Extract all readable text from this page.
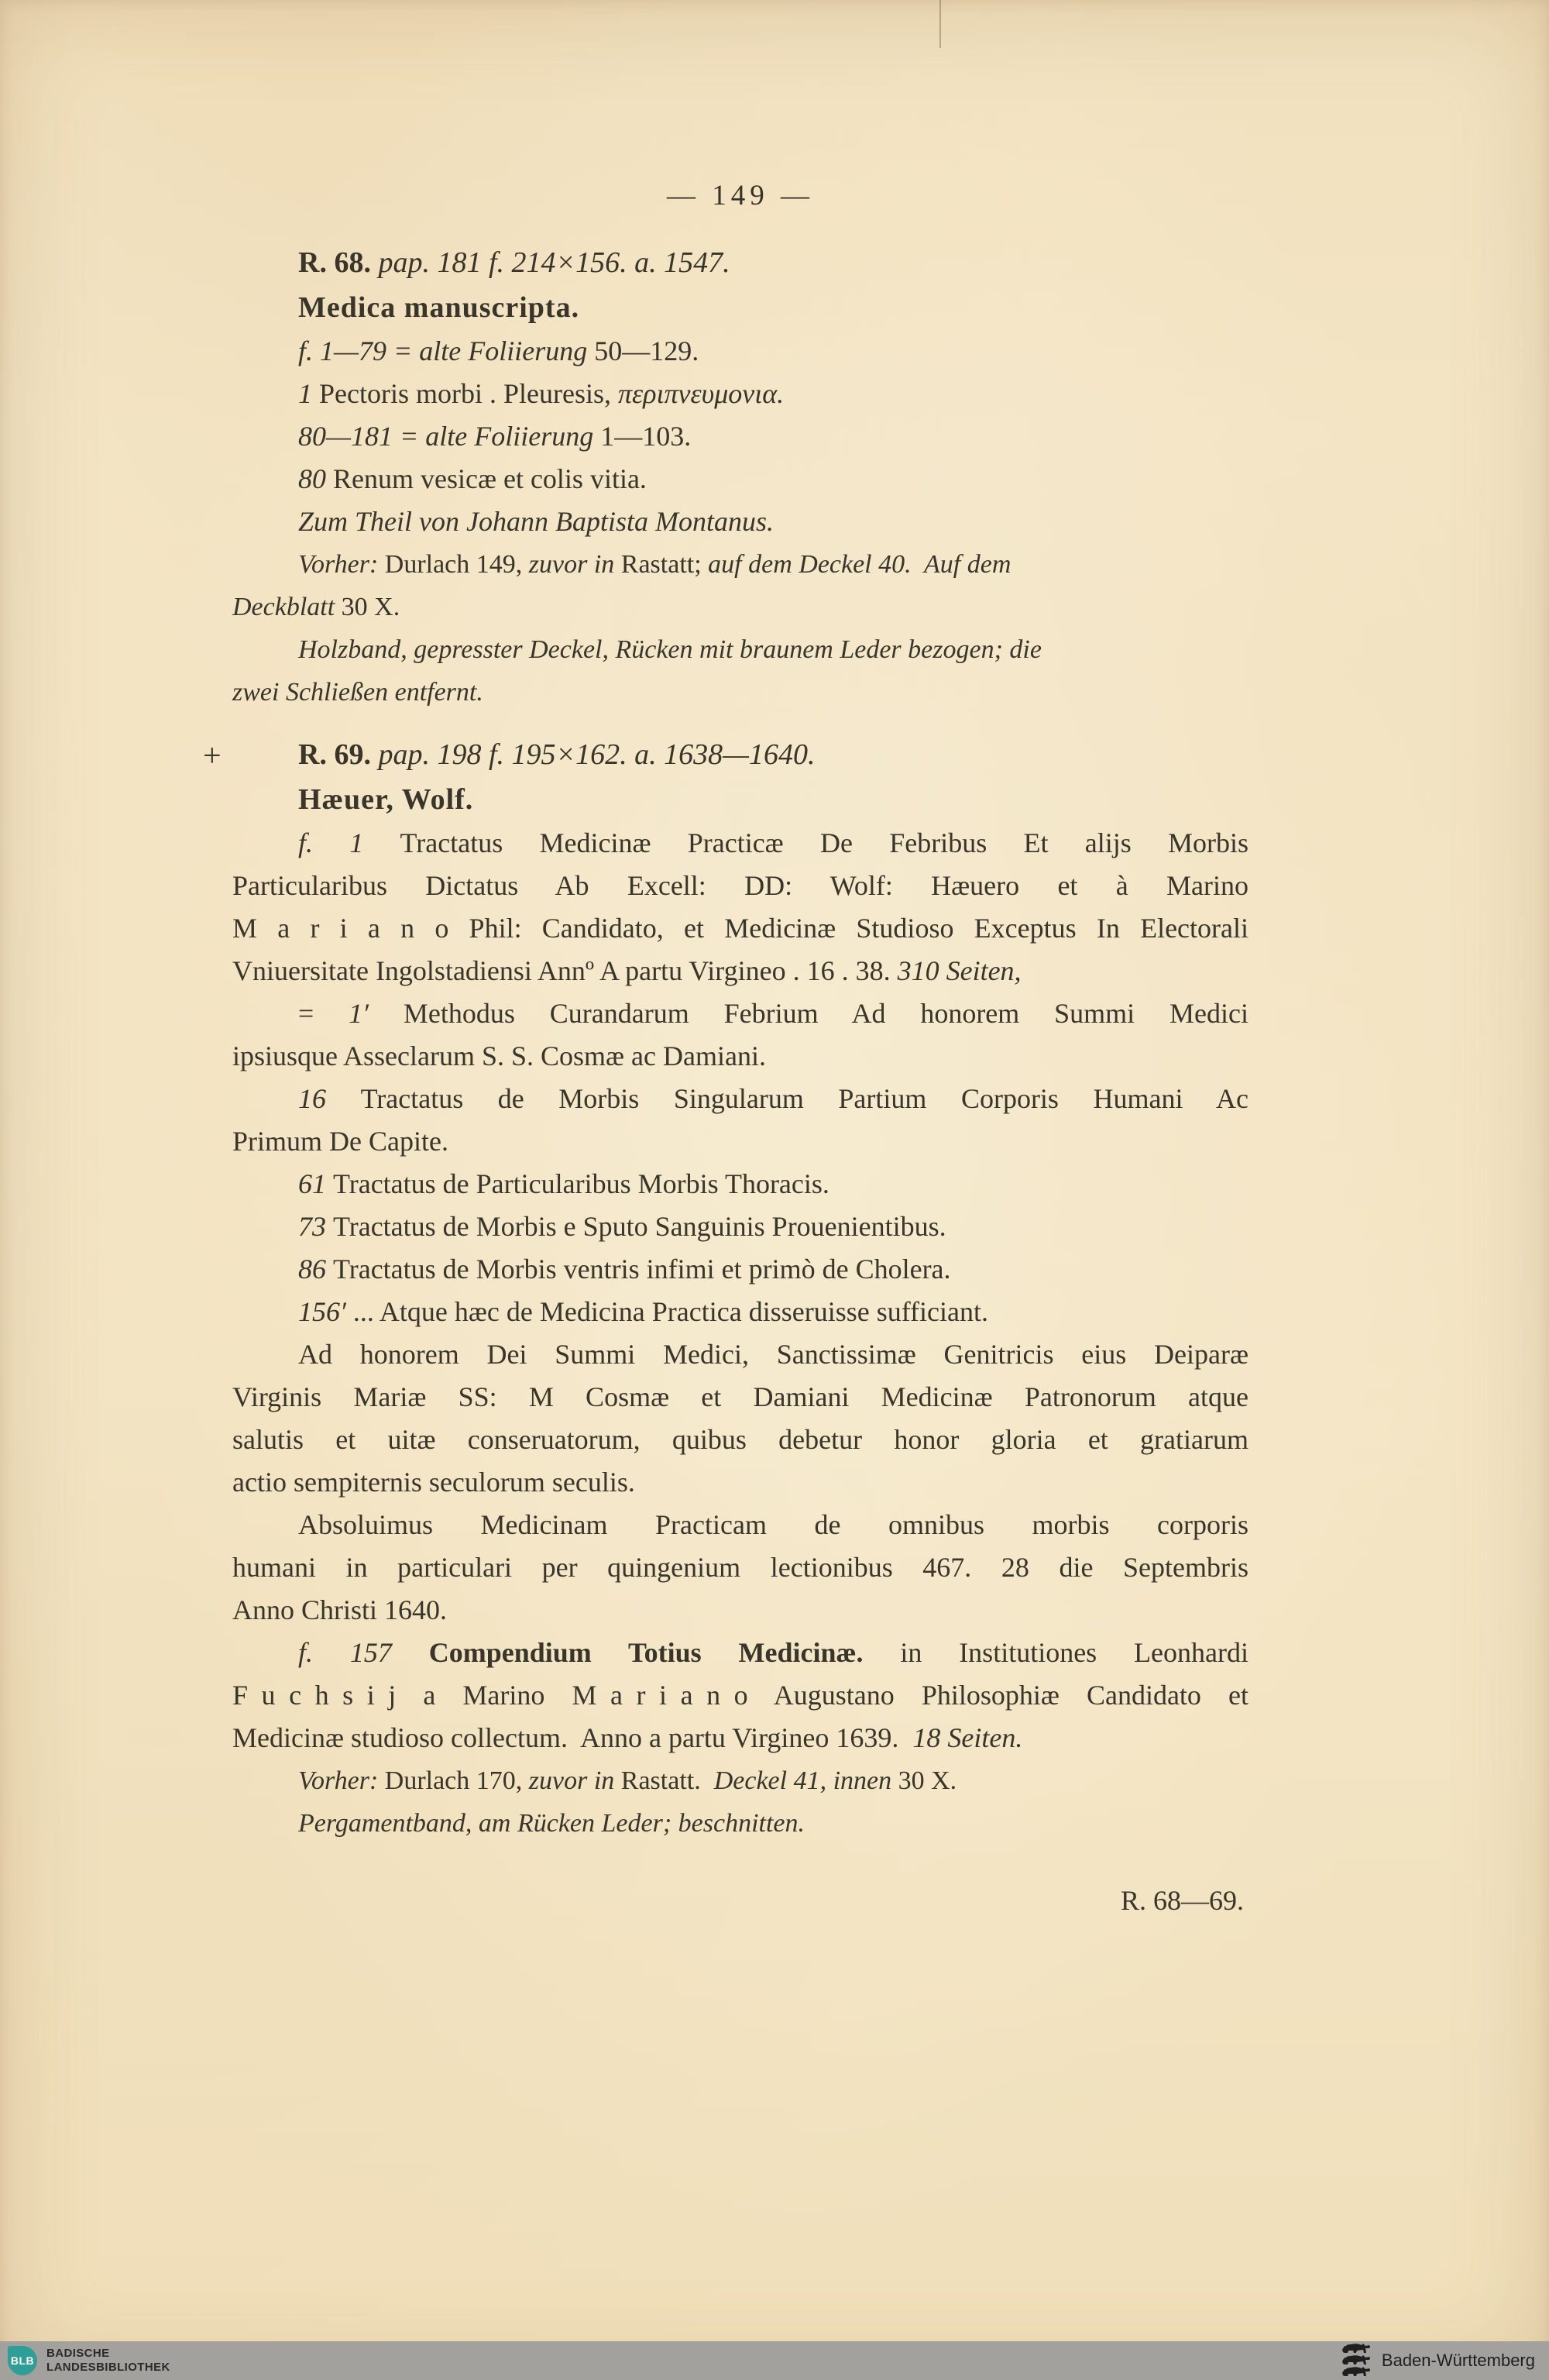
— 149 —
R. 68. pap. 181 f. 214×156. a. 1547.
Medica manuscripta.
f. 1—79 = alte Foliierung 50—129.
1 Pectoris morbi . Pleuresis, περιπνευμονια.
80—181 = alte Foliierung 1—103.
80 Renum vesicæ et colis vitia.
Zum Theil von Johann Baptista Montanus.
Vorher: Durlach 149, zuvor in Rastatt; auf dem Deckel 40.  Auf dem
Deckblatt 30 X.
Holzband, gepresster Deckel, Rücken mit braunem Leder bezogen; die
zwei Schließen entfernt.
+	R. 69. pap. 198 f. 195×162. a. 1638—1640.
Hæuer, Wolf.
f. 1 Tractatus Medicinæ Practicæ De Febribus Et alijs Morbis
Particularibus Dictatus Ab Excell: DD: Wolf: Hæuero et à Marino
M a r i a n o Phil: Candidato, et Medicinæ Studioso Exceptus In Electorali
Vniuersitate Ingolstadiensi Annº A partu Virgineo . 16 . 38. 310 Seiten,
= 1′ Methodus Curandarum Febrium Ad honorem Summi Medici
ipsiusque Asseclarum S. S. Cosmæ ac Damiani.
16 Tractatus de Morbis Singularum Partium Corporis Humani Ac
Primum De Capite.
61 Tractatus de Particularibus Morbis Thoracis.
73 Tractatus de Morbis e Sputo Sanguinis Prouenientibus.
86 Tractatus de Morbis ventris infimi et primò de Cholera.
156′ ... Atque hæc de Medicina Practica disseruisse sufficiant.
Ad honorem Dei Summi Medici, Sanctissimæ Genitricis eius Deiparæ
Virginis Mariæ SS: M Cosmæ et Damiani Medicinæ Patronorum atque
salutis et uitæ conseruatorum, quibus debetur honor gloria et gratiarum
actio sempiternis seculorum seculis.
Absoluimus Medicinam Practicam de omnibus morbis corporis
humani in particulari per quingenium lectionibus 467. 28 die Septembris
Anno Christi 1640.
f. 157 Compendium Totius Medicinæ. in Institutiones Leonhardi
F u c h s i j  a  Marino  M a r i a n o  Augustano  Philosophiæ  Candidato  et
Medicinæ studioso collectum.  Anno a partu Virgineo 1639.  18 Seiten.
Vorher: Durlach 170, zuvor in Rastatt.  Deckel 41, innen 30 X.
Pergamentband, am Rücken Leder; beschnitten.
R. 68—69.
BLB
BADISCHE
LANDESBIBLIOTHEK	Baden-Württemberg
